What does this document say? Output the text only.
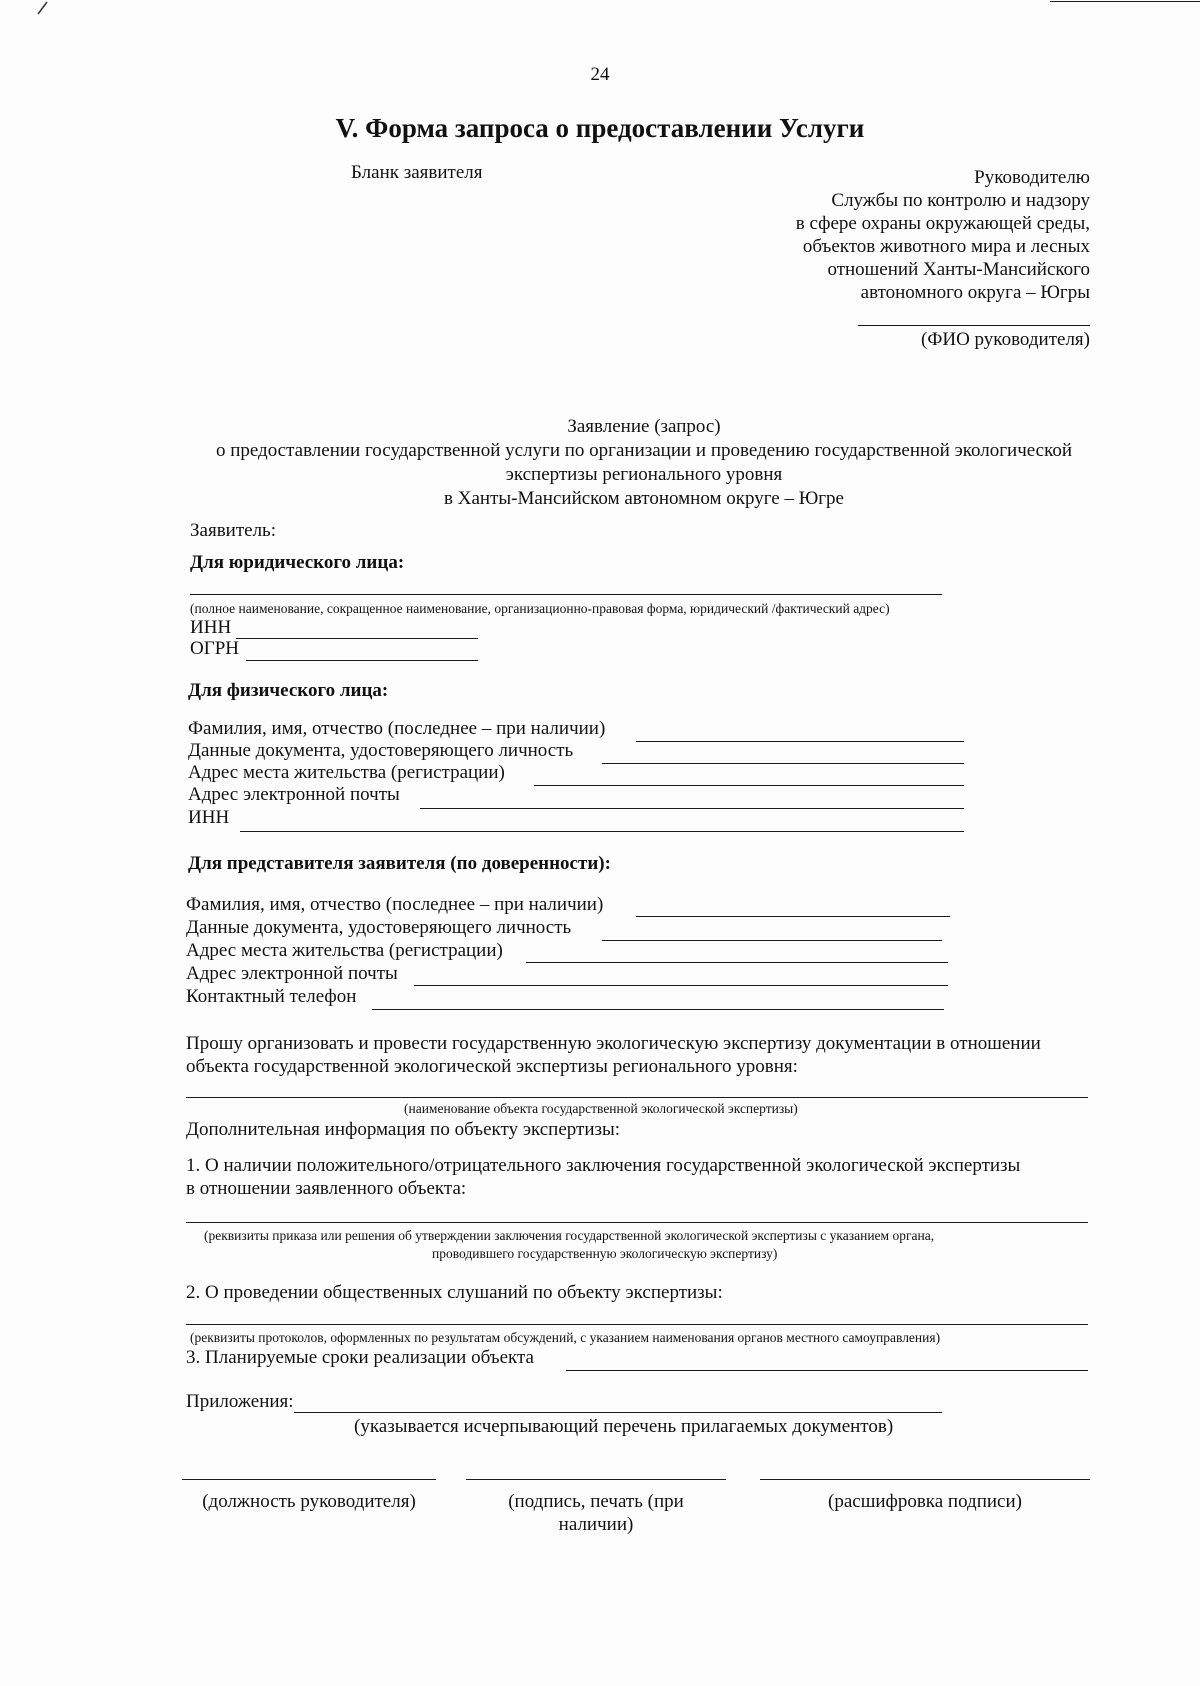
24
V. Форма запроса о предоставлении Услуги
Бланк заявителя	Руководителю
Службы по контролю и надзору
в сфере охраны окружающей среды,
объектов животного мира и лесных
отношений Ханты-Мансийского
автономного округа – Югры
(ФИО руководителя)
Заявление (запрос)
о предоставлении государственной услуги по организации и проведению государственной экологической
экспертизы регионального уровня
в Ханты-Мансийском автономном округе – Югре
Заявитель:
Для юридического лица:
(полное наименование, сокращенное наименование, организационно-правовая форма, юридический /фактический адрес)
ИНН
ОГРН
Для физического лица:
Фамилия, имя, отчество (последнее – при наличии)
Данные документа, удостоверяющего личность
Адрес места жительства (регистрации)
Адрес электронной почты
ИНН
Для представителя заявителя (по доверенности):
Фамилия, имя, отчество (последнее – при наличии)
Данные документа, удостоверяющего личность
Адрес места жительства (регистрации)
Адрес электронной почты
Контактный телефон
Прошу организовать и провести государственную экологическую экспертизу документации в отношении
объекта государственной экологической экспертизы регионального уровня:
(наименование объекта государственной экологической экспертизы)
Дополнительная информация по объекту экспертизы:
1. О наличии положительного/отрицательного заключения государственной экологической экспертизы
в отношении заявленного объекта:
(реквизиты приказа или решения об утверждении заключения государственной экологической экспертизы с указанием органа,
проводившего государственную экологическую экспертизу)
2. О проведении общественных слушаний по объекту экспертизы:
(реквизиты протоколов, оформленных по результатам обсуждений, с указанием наименования органов местного самоуправления)
3. Планируемые сроки реализации объекта
Приложения:
(указывается исчерпывающий перечень прилагаемых документов)
(должность руководителя)	(подпись, печать (при
наличии)
(расшифровка подписи)
